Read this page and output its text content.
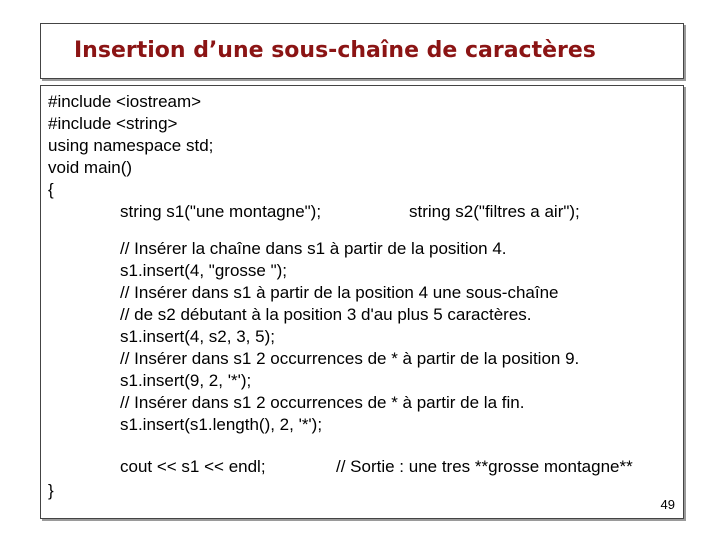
Insertion d’une sous-chaîne de caractères
#include <iostream>
#include <string>
using namespace std;
void main()
{
string s1("une montagne");	string s2("filtres a air");
// Insérer la chaîne dans s1 à partir de la position 4.
s1.insert(4, "grosse ");
// Insérer dans s1 à partir de la position 4 une sous-chaîne
// de s2 débutant à la position 3 d'au plus 5 caractères.
s1.insert(4, s2, 3, 5);
// Insérer dans s1 2 occurrences de * à partir de la position 9.
s1.insert(9, 2, '*');
// Insérer dans s1 2 occurrences de * à partir de la fin.
s1.insert(s1.length(), 2, '*');
cout << s1 << endl;	// Sortie : une tres **grosse montagne**
}
49
